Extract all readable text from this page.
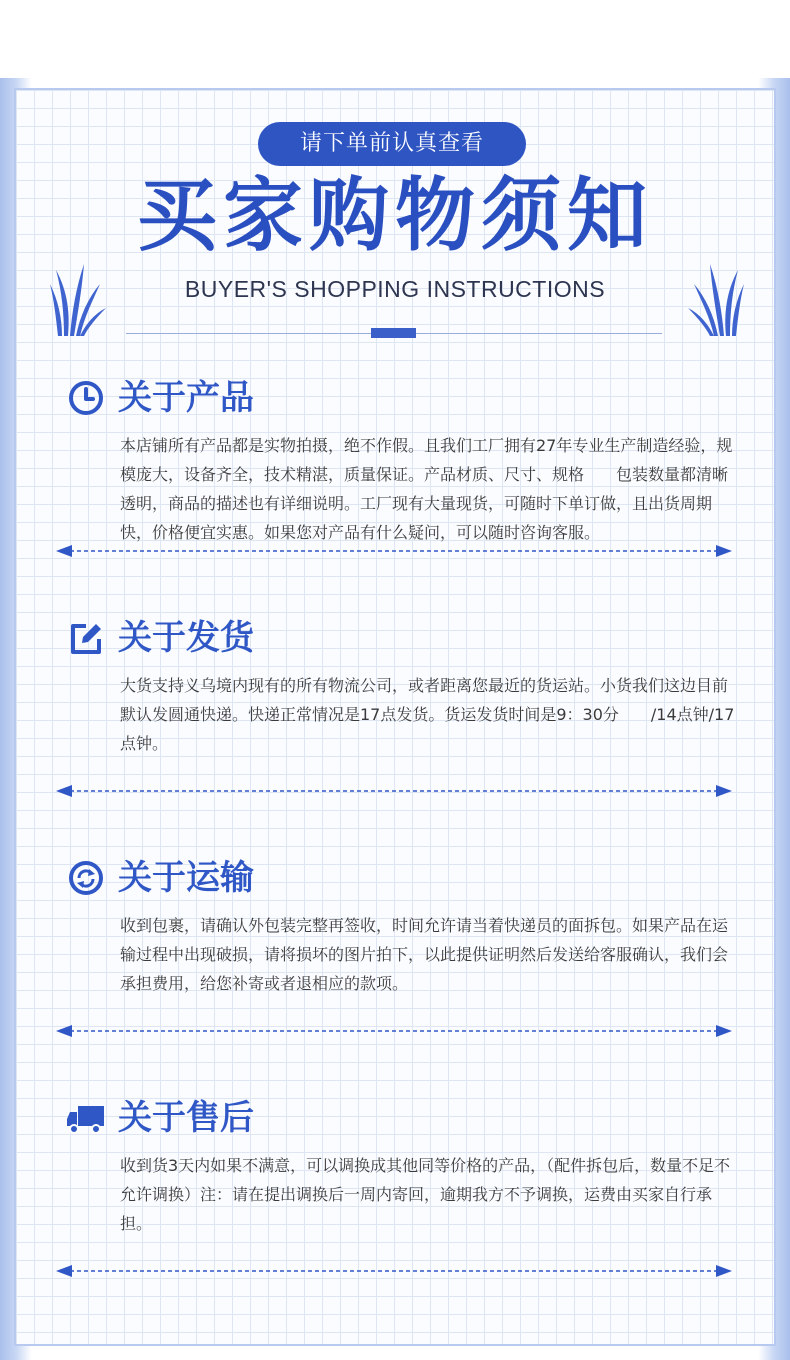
请下单前认真查看
买家购物须知
BUYER'S SHOPPING INSTRUCTIONS
关于产品

本店铺所有产品都是实物拍摄，绝不作假。且我们工厂拥有27年专业生产制造经验，规模庞大，设备齐全，技术精湛，质量保证。产品材质、尺寸、规格　　包装数量都清晰透明，商品的描述也有详细说明。工厂现有大量现货，可随时下单订做，且出货周期快，价格便宜实惠。如果您对产品有什么疑问，可以随时咨询客服。

关于发货

大货支持义乌境内现有的所有物流公司，或者距离您最近的货运站。小货我们这边目前默认发圆通快递。快递正常情况是17点发货。货运发货时间是9：30分　　/14点钟/17点钟。

关于运输

收到包裹，请确认外包装完整再签收，时间允许请当着快递员的面拆包。如果产品在运输过程中出现破损，请将损坏的图片拍下，以此提供证明然后发送给客服确认，我们会承担费用，给您补寄或者退相应的款项。

关于售后

收到货3天内如果不满意，可以调换成其他同等价格的产品，（配件拆包后，数量不足不允许调换）注：请在提出调换后一周内寄回，逾期我方不予调换，运费由买家自行承担。
